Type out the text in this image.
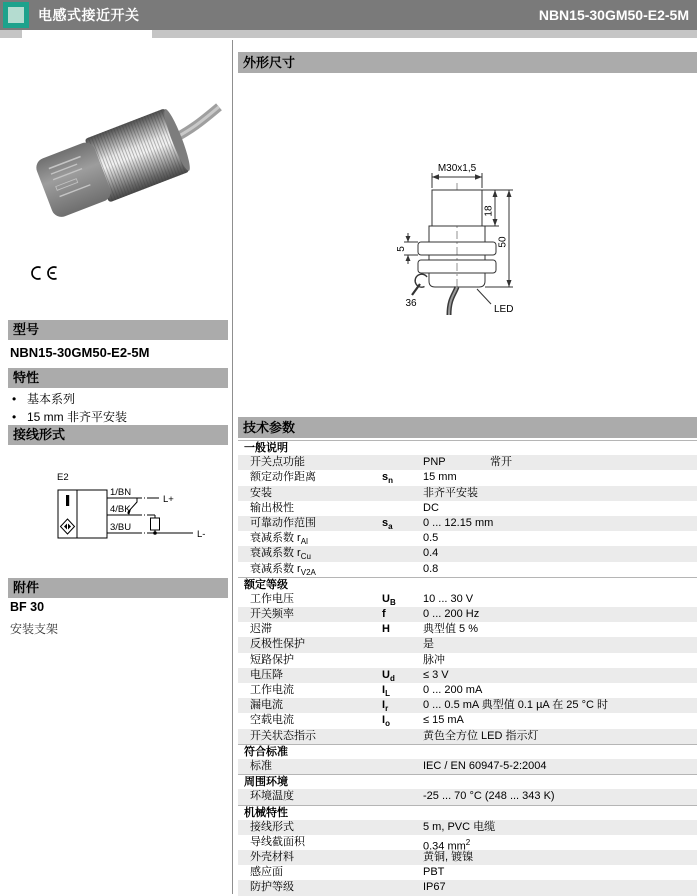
电感式接近开关	NBN15-30GM50-E2-5M
型号
NBN15-30GM50-E2-5M
特性
• 基本系列
• 15 mm 非齐平安装
接线形式
E2
1/BN
4/BK
3/BU
L+
L-
附件
BF 30
安装支架
外形尺寸
M30x1,5
18
50
5
36
LED
技术参数
一般说明
开关点功能	PNP	常开
额定动作距离	$s_n$	15 mm
安装	非齐平安装
输出极性	DC
可靠动作范围	$s_a$	0 ... 12.15 mm
衰减系数 $r_{Al}$	0.5
衰减系数 $r_{Cu}$	0.4
衰减系数 $r_{V2A}$	0.8
额定等级
工作电压	$U_B$	10 ... 30 V
开关频率	f	0 ... 200 Hz
迟滞	H	典型值 5 %
反极性保护	是
短路保护	脉冲
电压降	$U_d$	≤ 3 V
工作电流	$I_L$	0 ... 200 mA
漏电流	$I_r$	0 ... 0.5 mA 典型值 0.1 µA 在 25 °C 时
空载电流	$I_o$	≤ 15 mA
开关状态指示	黄色全方位 LED 指示灯
符合标准
标准	IEC / EN 60947-5-2:2004
周围环境
环境温度	-25 ... 70 °C (248 ... 343 K)
机械特性
接线形式	5 m, PVC 电缆
导线截面积	0.34 $mm^2$
外壳材料	黄铜, 镀镍
感应面	PBT
防护等级	IP67
